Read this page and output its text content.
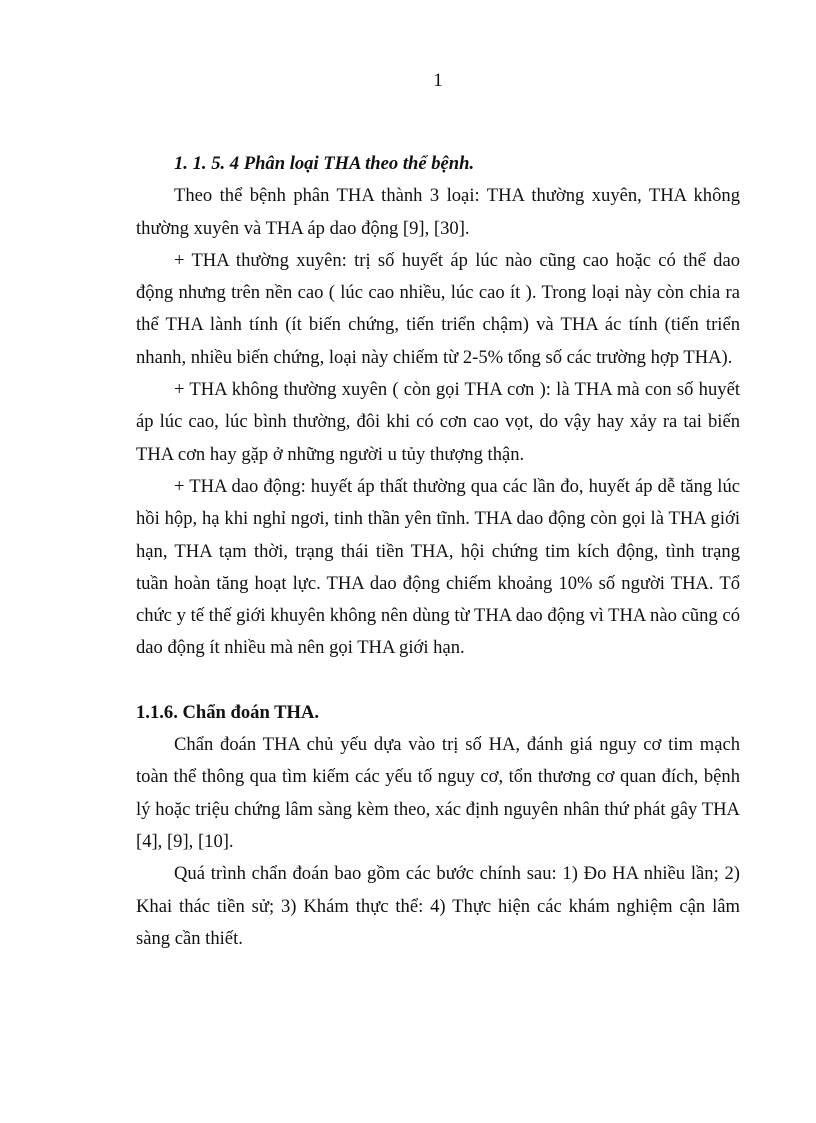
1
1. 1. 5. 4 Phân loại THA theo thể bệnh.

Theo thể bệnh phân THA thành 3 loại: THA thường xuyên, THA không thường xuyên và THA áp dao động [9], [30].

+ THA thường xuyên: trị số huyết áp lúc nào cũng cao hoặc có thể dao động nhưng trên nền cao ( lúc cao nhiều, lúc cao ít ). Trong loại này còn chia ra thể THA lành tính (ít biến chứng, tiến triển chậm) và THA ác tính (tiến triển nhanh, nhiều biến chứng, loại này chiếm từ 2-5% tổng số các trường hợp THA).

+ THA không thường xuyên ( còn gọi THA cơn ): là THA mà con số huyết áp lúc cao, lúc bình thường, đôi khi có cơn cao vọt, do vậy hay xảy ra tai biến THA cơn hay gặp ở những người u tủy thượng thận.

+ THA dao động: huyết áp thất thường qua các lần đo, huyết áp dễ tăng lúc hồi hộp, hạ khi nghỉ ngơi, tinh thần yên tĩnh. THA dao động còn gọi là THA giới hạn, THA tạm thời, trạng thái tiền THA, hội chứng tim kích động, tình trạng tuần hoàn tăng hoạt lực. THA dao động chiếm khoảng 10% số người THA. Tổ chức y tế thế giới khuyên không nên dùng từ THA dao động vì THA nào cũng có dao động ít nhiều mà nên gọi THA giới hạn.

1.1.6. Chẩn đoán THA.

Chẩn đoán THA chủ yếu dựa vào trị số HA, đánh giá nguy cơ tim mạch toàn thể thông qua tìm kiếm các yếu tố nguy cơ, tổn thương cơ quan đích, bệnh lý hoặc triệu chứng lâm sàng kèm theo, xác định nguyên nhân thứ phát gây THA [4], [9], [10].

Quá trình chẩn đoán bao gồm các bước chính sau: 1) Đo HA nhiều lần; 2) Khai thác tiền sử; 3) Khám thực thể: 4) Thực hiện các khám nghiệm cận lâm sàng cần thiết.
